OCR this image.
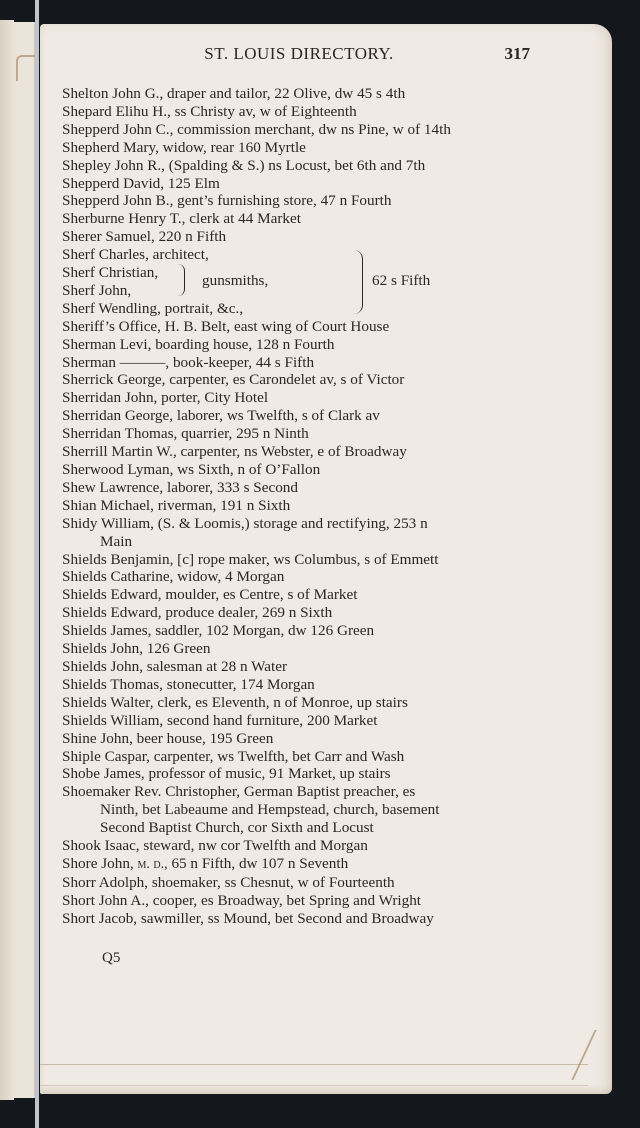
ST. LOUIS DIRECTORY.	317
Shelton John G., draper and tailor, 22 Olive, dw 45 s 4th
Shepard Elihu H., ss Christy av, w of Eighteenth
Shepperd John C., commission merchant, dw ns Pine, w of 14th
Shepherd Mary, widow, rear 160 Myrtle
Shepley John R., (Spalding & S.) ns Locust, bet 6th and 7th
Shepperd David, 125 Elm
Shepperd John B., gent’s furnishing store, 47 n Fourth
Sherburne Henry T., clerk at 44 Market
Sherer Samuel, 220 n Fifth
Sherf Charles, architect,
Sherf Christian,
Sherf John,
Sherf Wendling, portrait, &c.,
gunsmiths,	62 s Fifth
Sheriff’s Office, H. B. Belt, east wing of Court House
Sherman Levi, boarding house, 128 n Fourth
Sherman ———, book-keeper, 44 s Fifth
Sherrick George, carpenter, es Carondelet av, s of Victor
Sherridan John, porter, City Hotel
Sherridan George, laborer, ws Twelfth, s of Clark av
Sherridan Thomas, quarrier, 295 n Ninth
Sherrill Martin W., carpenter, ns Webster, e of Broadway
Sherwood Lyman, ws Sixth, n of O’Fallon
Shew Lawrence, laborer, 333 s Second
Shian Michael, riverman, 191 n Sixth
Shidy William, (S. & Loomis,) storage and rectifying, 253 n
Main
Shields Benjamin, [c] rope maker, ws Columbus, s of Emmett
Shields Catharine, widow, 4 Morgan
Shields Edward, moulder, es Centre, s of Market
Shields Edward, produce dealer, 269 n Sixth
Shields James, saddler, 102 Morgan, dw 126 Green
Shields John, 126 Green
Shields John, salesman at 28 n Water
Shields Thomas, stonecutter, 174 Morgan
Shields Walter, clerk, es Eleventh, n of Monroe, up stairs
Shields William, second hand furniture, 200 Market
Shine John, beer house, 195 Green
Shiple Caspar, carpenter, ws Twelfth, bet Carr and Wash
Shobe James, professor of music, 91 Market, up stairs
Shoemaker Rev. Christopher, German Baptist preacher, es
Ninth, bet Labeaume and Hempstead, church, basement
Second Baptist Church, cor Sixth and Locust
Shook Isaac, steward, nw cor Twelfth and Morgan
Shore John, m. d., 65 n Fifth, dw 107 n Seventh
Shorr Adolph, shoemaker, ss Chesnut, w of Fourteenth
Short John A., cooper, es Broadway, bet Spring and Wright
Short Jacob, sawmiller, ss Mound, bet Second and Broadway
Q5
